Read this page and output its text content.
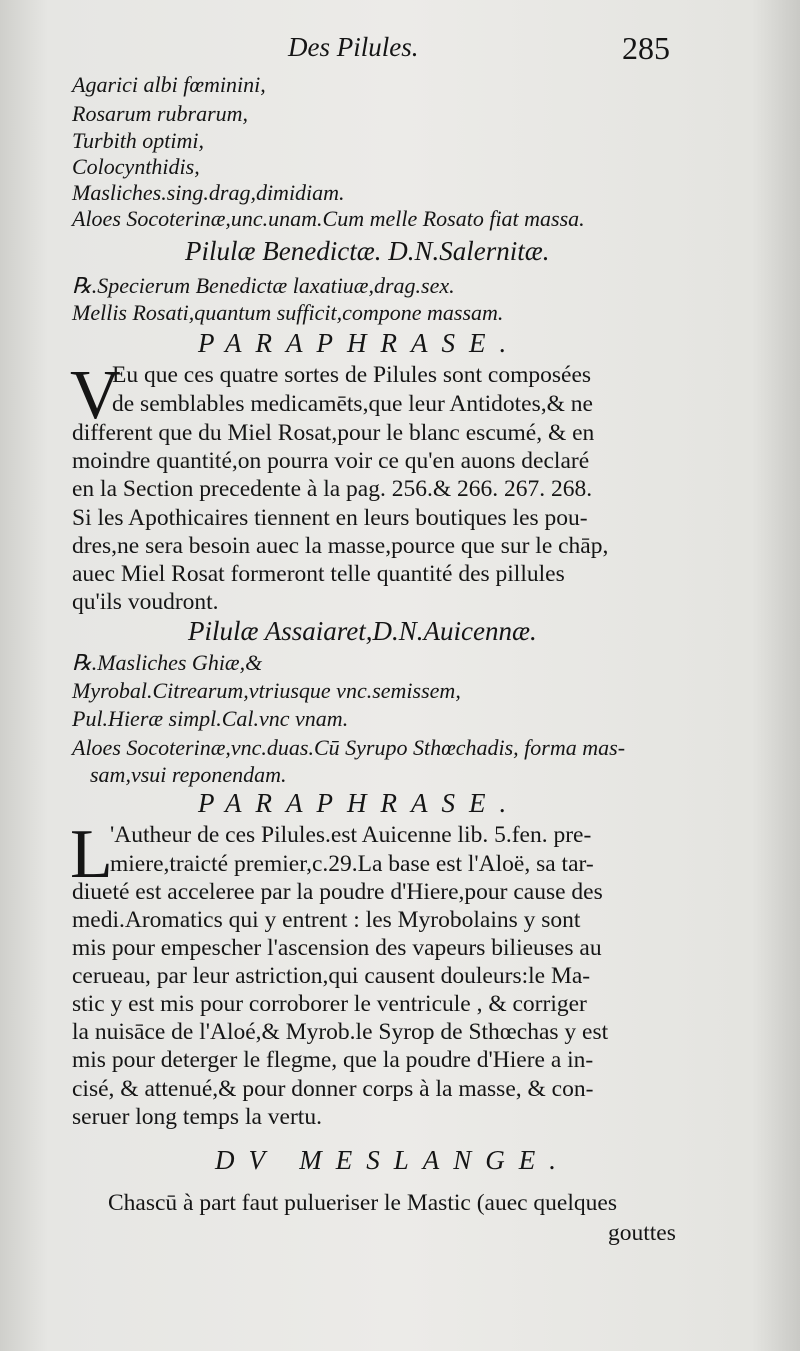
Des Pilules.	285
Agarici albi fœminini,
Rosarum rubrarum,
Turbith optimi,
Colocynthidis,
Masliches.sing.drag,dimidiam.
Aloes Socoterinæ,unc.unam.Cum melle Rosato fiat massa.
Pilulæ Benedictæ. D.N.Salernitæ.
℞.Specierum Benedictæ laxatiuæ,drag.sex.
Mellis Rosati,quantum sufficit,compone massam.
PARAPHRASE.
V
Eu que ces quatre sortes de Pilules sont composées
de semblables medicamēts,que leur Antidotes,& ne
different que du Miel Rosat,pour le blanc escumé, & en
moindre quantité,on pourra voir ce qu'en auons declaré
en la Section precedente à la pag. 256.& 266. 267. 268.
Si les Apothicaires tiennent en leurs boutiques les pou-
dres,ne sera besoin auec la masse,pource que sur le chāp,
auec Miel Rosat formeront telle quantité des pillules
qu'ils voudront.
Pilulæ Assaiaret,D.N.Auicennæ.
℞.Masliches Ghiæ,&
Myrobal.Citrearum,vtriusque vnc.semissem,
Pul.Hieræ simpl.Cal.vnc vnam.
Aloes Socoterinæ,vnc.duas.Cū Syrupo Sthœchadis, forma mas-
sam,vsui reponendam.
PARAPHRASE.
L
'Autheur de ces Pilules.est Auicenne lib. 5.fen. pre-
miere,traicté premier,c.29.La base est l'Aloë, sa tar-
diueté est acceleree par la poudre d'Hiere,pour cause des
medi.Aromatics qui y entrent : les Myrobolains y sont
mis pour empescher l'ascension des vapeurs bilieuses au
cerueau, par leur astriction,qui causent douleurs:le Ma-
stic y est mis pour corroborer le ventricule , & corriger
la nuisāce de l'Aloé,& Myrob.le Syrop de Sthœchas y est
mis pour deterger le flegme, que la poudre d'Hiere a in-
cisé, & attenué,& pour donner corps à la masse, & con-
seruer long temps la vertu.
DV MESLANGE.
Chascū à part faut pulueriser le Mastic (auec quelques
gouttes
